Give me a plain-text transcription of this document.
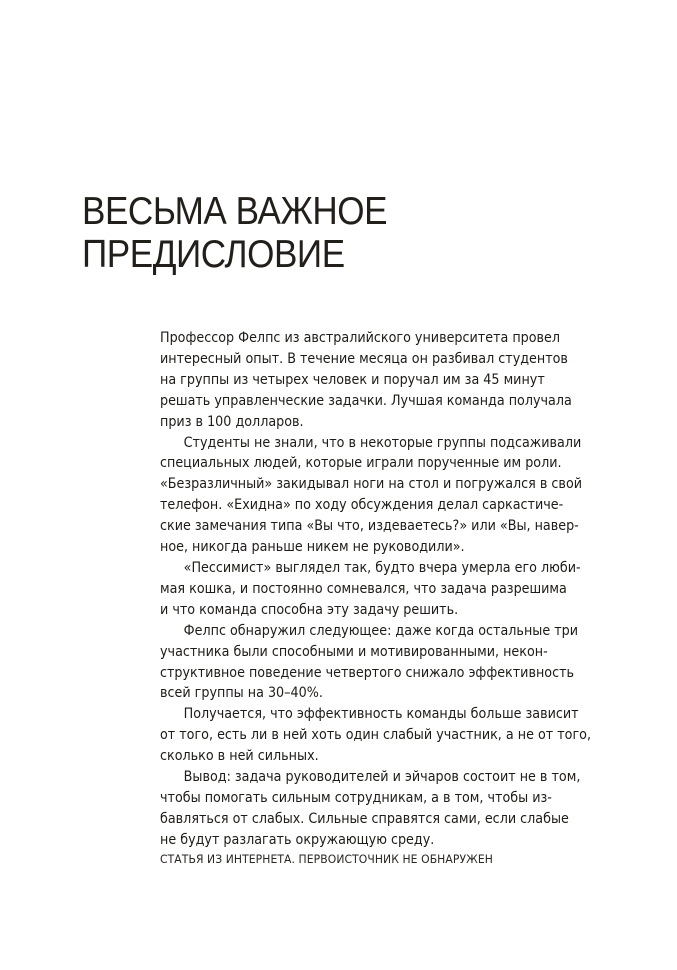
ВЕСЬМА ВАЖНОЕ
ПРЕДИСЛОВИЕ
Профессор Фелпс из австралийского университета провел
интересный опыт. В течение месяца он разбивал студентов
на группы из четырех человек и поручал им за 45 минут
решать управленческие задачки. Лучшая команда получала
приз в 100 долларов.
Студенты не знали, что в некоторые группы подсаживали
специальных людей, которые играли порученные им роли.
«Безразличный» закидывал ноги на стол и погружался в свой
телефон. «Ехидна» по ходу обсуждения делал саркастиче-
ские замечания типа «Вы что, издеваетесь?» или «Вы, навер-
ное, никогда раньше никем не руководили».
«Пессимист» выглядел так, будто вчера умерла его люби-
мая кошка, и постоянно сомневался, что задача разрешима
и что команда способна эту задачу решить.
Фелпс обнаружил следующее: даже когда остальные три
участника были способными и мотивированными, некон-
структивное поведение четвертого снижало эффективность
всей группы на 30–40%.
Получается, что эффективность команды больше зависит
от того, есть ли в ней хоть один слабый участник, а не от того,
сколько в ней сильных.
Вывод: задача руководителей и эйчаров состоит не в том,
чтобы помогать сильным сотрудникам, а в том, чтобы из-
бавляться от слабых. Сильные справятся сами, если слабые
не будут разлагать окружающую среду.
СТАТЬЯ ИЗ ИНТЕРНЕТА. ПЕРВОИСТОЧНИК НЕ ОБНАРУЖЕН
